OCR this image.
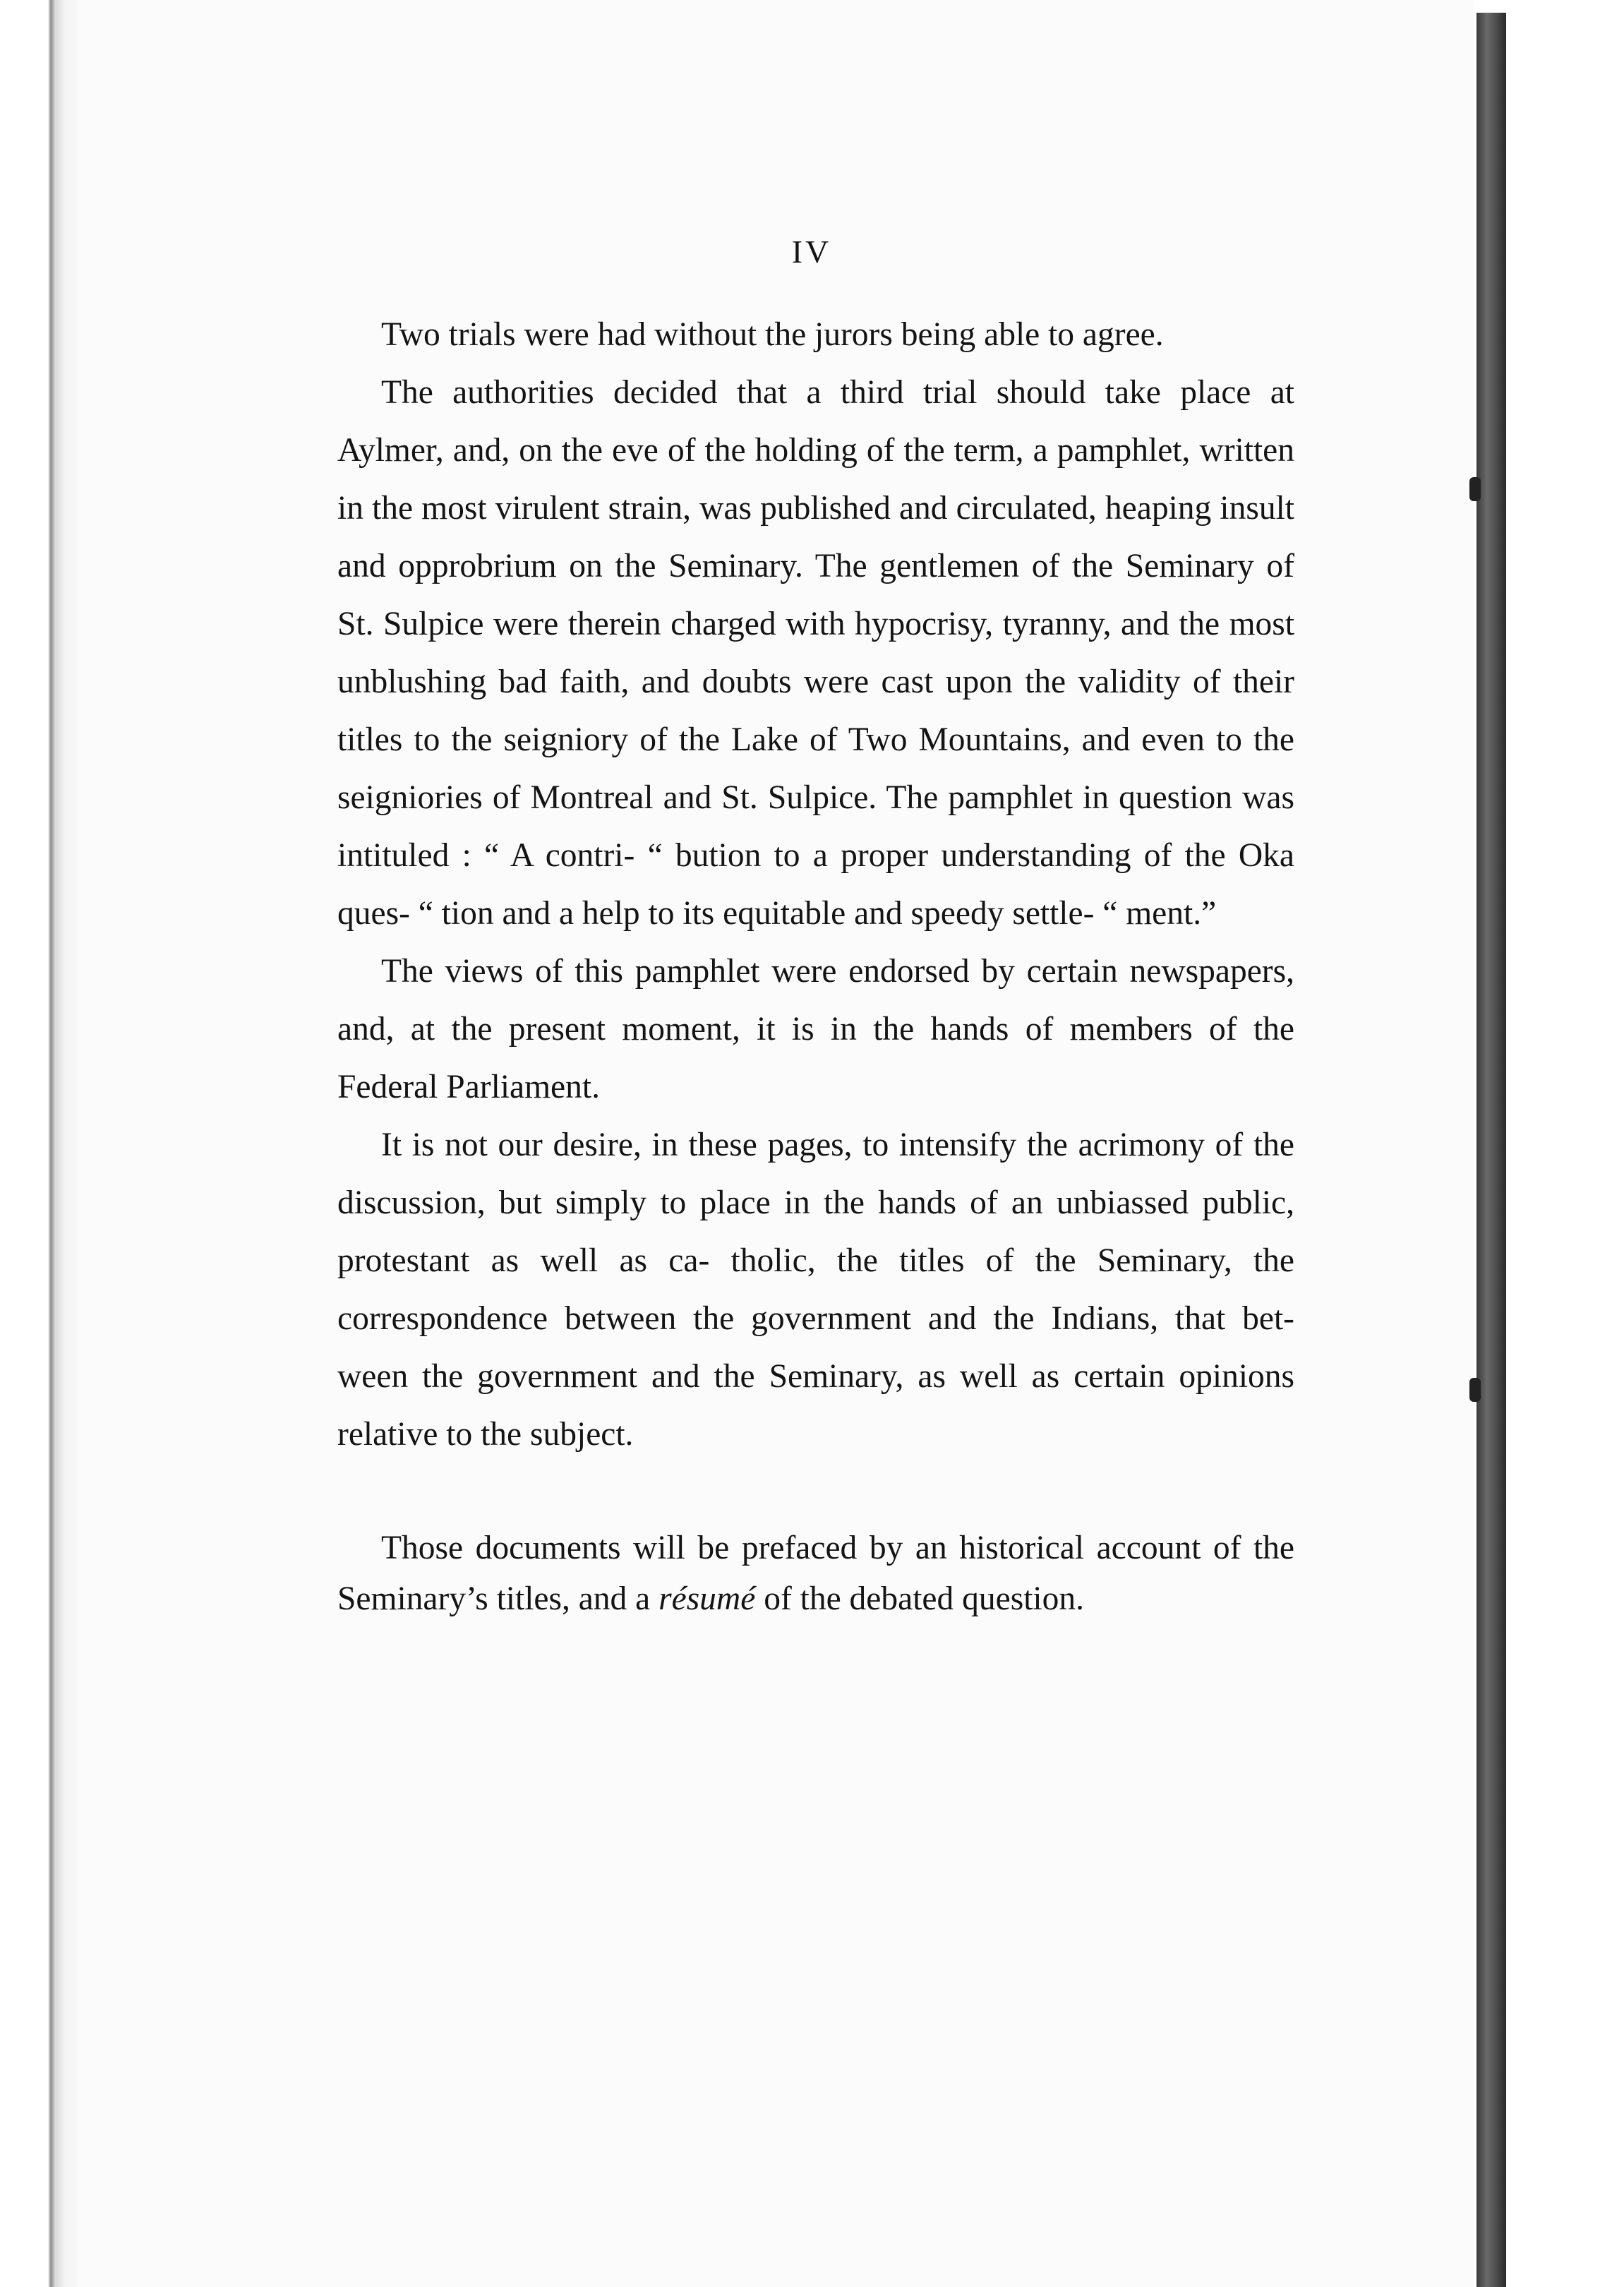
IV

Two trials were had without the jurors being able to agree.

The authorities decided that a third trial should take place at Aylmer, and, on the eve of the holding of the term, a pamphlet, written in the most virulent strain, was published and circulated, heaping insult and opprobrium on the Seminary. The gentlemen of the Seminary of St. Sulpice were therein charged with hypocrisy, tyranny, and the most unblushing bad faith, and doubts were cast upon the validity of their titles to the seigniory of the Lake of Two Mountains, and even to the seigniories of Montreal and St. Sulpice. The pamphlet in question was intituled : “ A contri- “ bution to a proper understanding of the Oka ques- “ tion and a help to its equitable and speedy settle- “ ment.”

The views of this pamphlet were endorsed by certain newspapers, and, at the present moment, it is in the hands of members of the Federal Parliament.

It is not our desire, in these pages, to intensify the acrimony of the discussion, but simply to place in the hands of an unbiassed public, protestant as well as ca- tholic, the titles of the Seminary, the correspondence between the government and the Indians, that bet- ween the government and the Seminary, as well as certain opinions relative to the subject.

Those documents will be prefaced by an historical account of the Seminary’s titles, and a résumé of the debated question.
